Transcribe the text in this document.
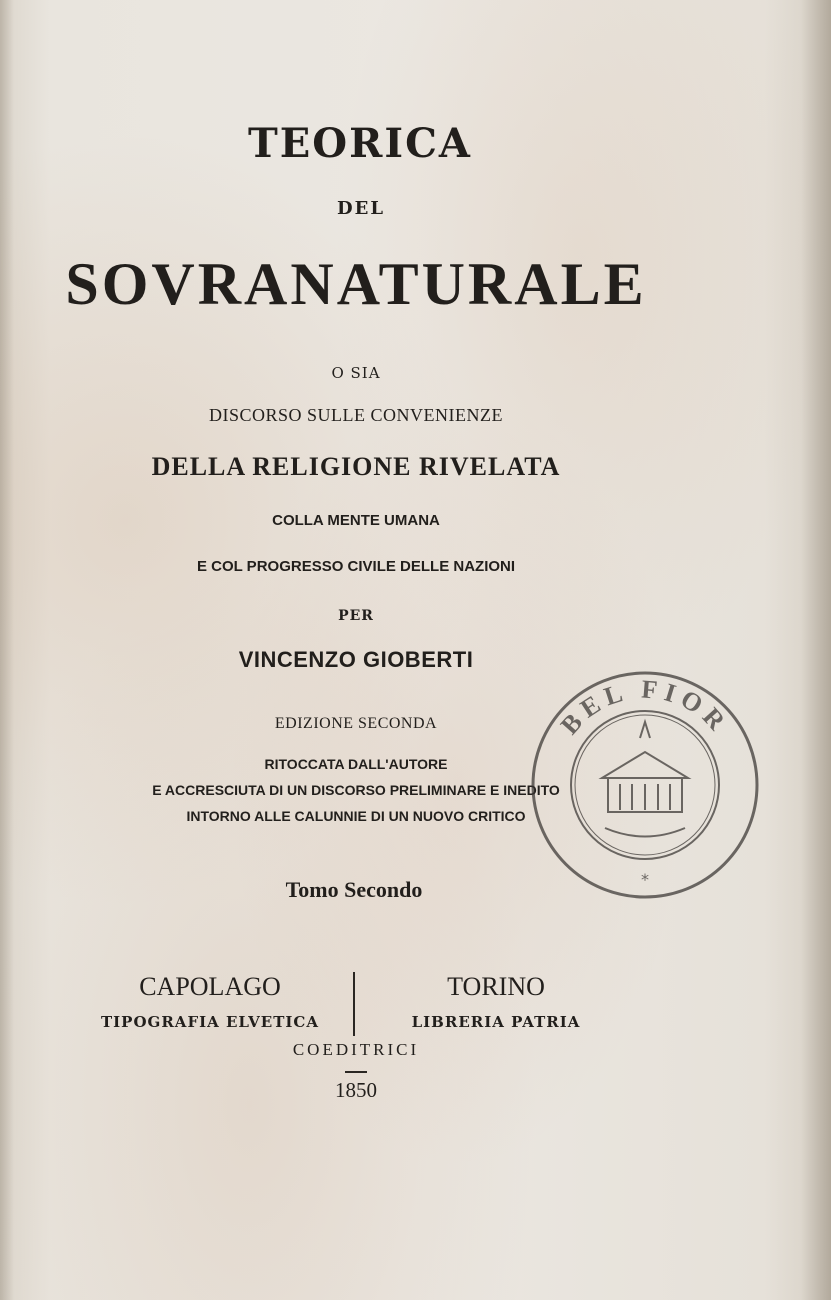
TEORICA
DEL
SOVRANATURALE
O SIA
DISCORSO SULLE CONVENIENZE
DELLA RELIGIONE RIVELATA
COLLA MENTE UMANA
E COL PROGRESSO CIVILE DELLE NAZIONI
PER
VINCENZO GIOBERTI
EDIZIONE SECONDA
RITOCCATA DALL'AUTORE
E ACCRESCIUTA DI UN DISCORSO PRELIMINARE E INEDITO
INTORNO ALLE CALUNNIE DI UN NUOVO CRITICO
Tomo Secondo
CAPOLAGO
TIPOGRAFIA ELVETICA
TORINO
LIBRERIA PATRIA
COEDITRICI
1850
*
BEL FIOR
